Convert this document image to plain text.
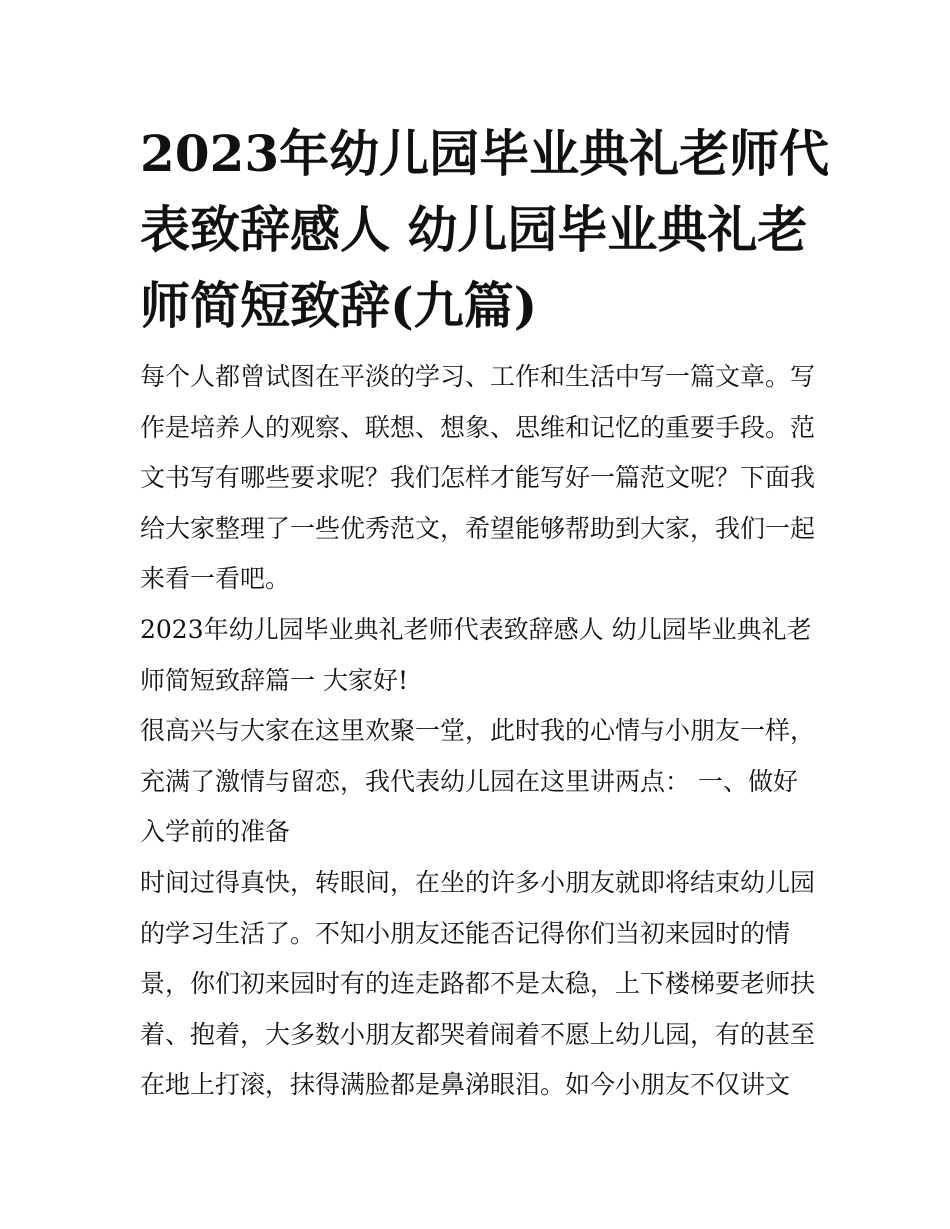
2023年幼儿园毕业典礼老师代
表致辞感人 幼儿园毕业典礼老
师简短致辞(九篇)
每个人都曾试图在平淡的学习、工作和生活中写一篇文章。写
作是培养人的观察、联想、想象、思维和记忆的重要手段。范
文书写有哪些要求呢？我们怎样才能写好一篇范文呢？下面我
给大家整理了一些优秀范文，希望能够帮助到大家，我们一起
来看一看吧。
2023年幼儿园毕业典礼老师代表致辞感人 幼儿园毕业典礼老
师简短致辞篇一 大家好!
很高兴与大家在这里欢聚一堂，此时我的心情与小朋友一样，
充满了激情与留恋，我代表幼儿园在这里讲两点： 一、做好
入学前的准备
时间过得真快，转眼间，在坐的许多小朋友就即将结束幼儿园
的学习生活了。不知小朋友还能否记得你们当初来园时的情
景，你们初来园时有的连走路都不是太稳，上下楼梯要老师扶
着、抱着，大多数小朋友都哭着闹着不愿上幼儿园，有的甚至
在地上打滚，抹得满脸都是鼻涕眼泪。如今小朋友不仅讲文
